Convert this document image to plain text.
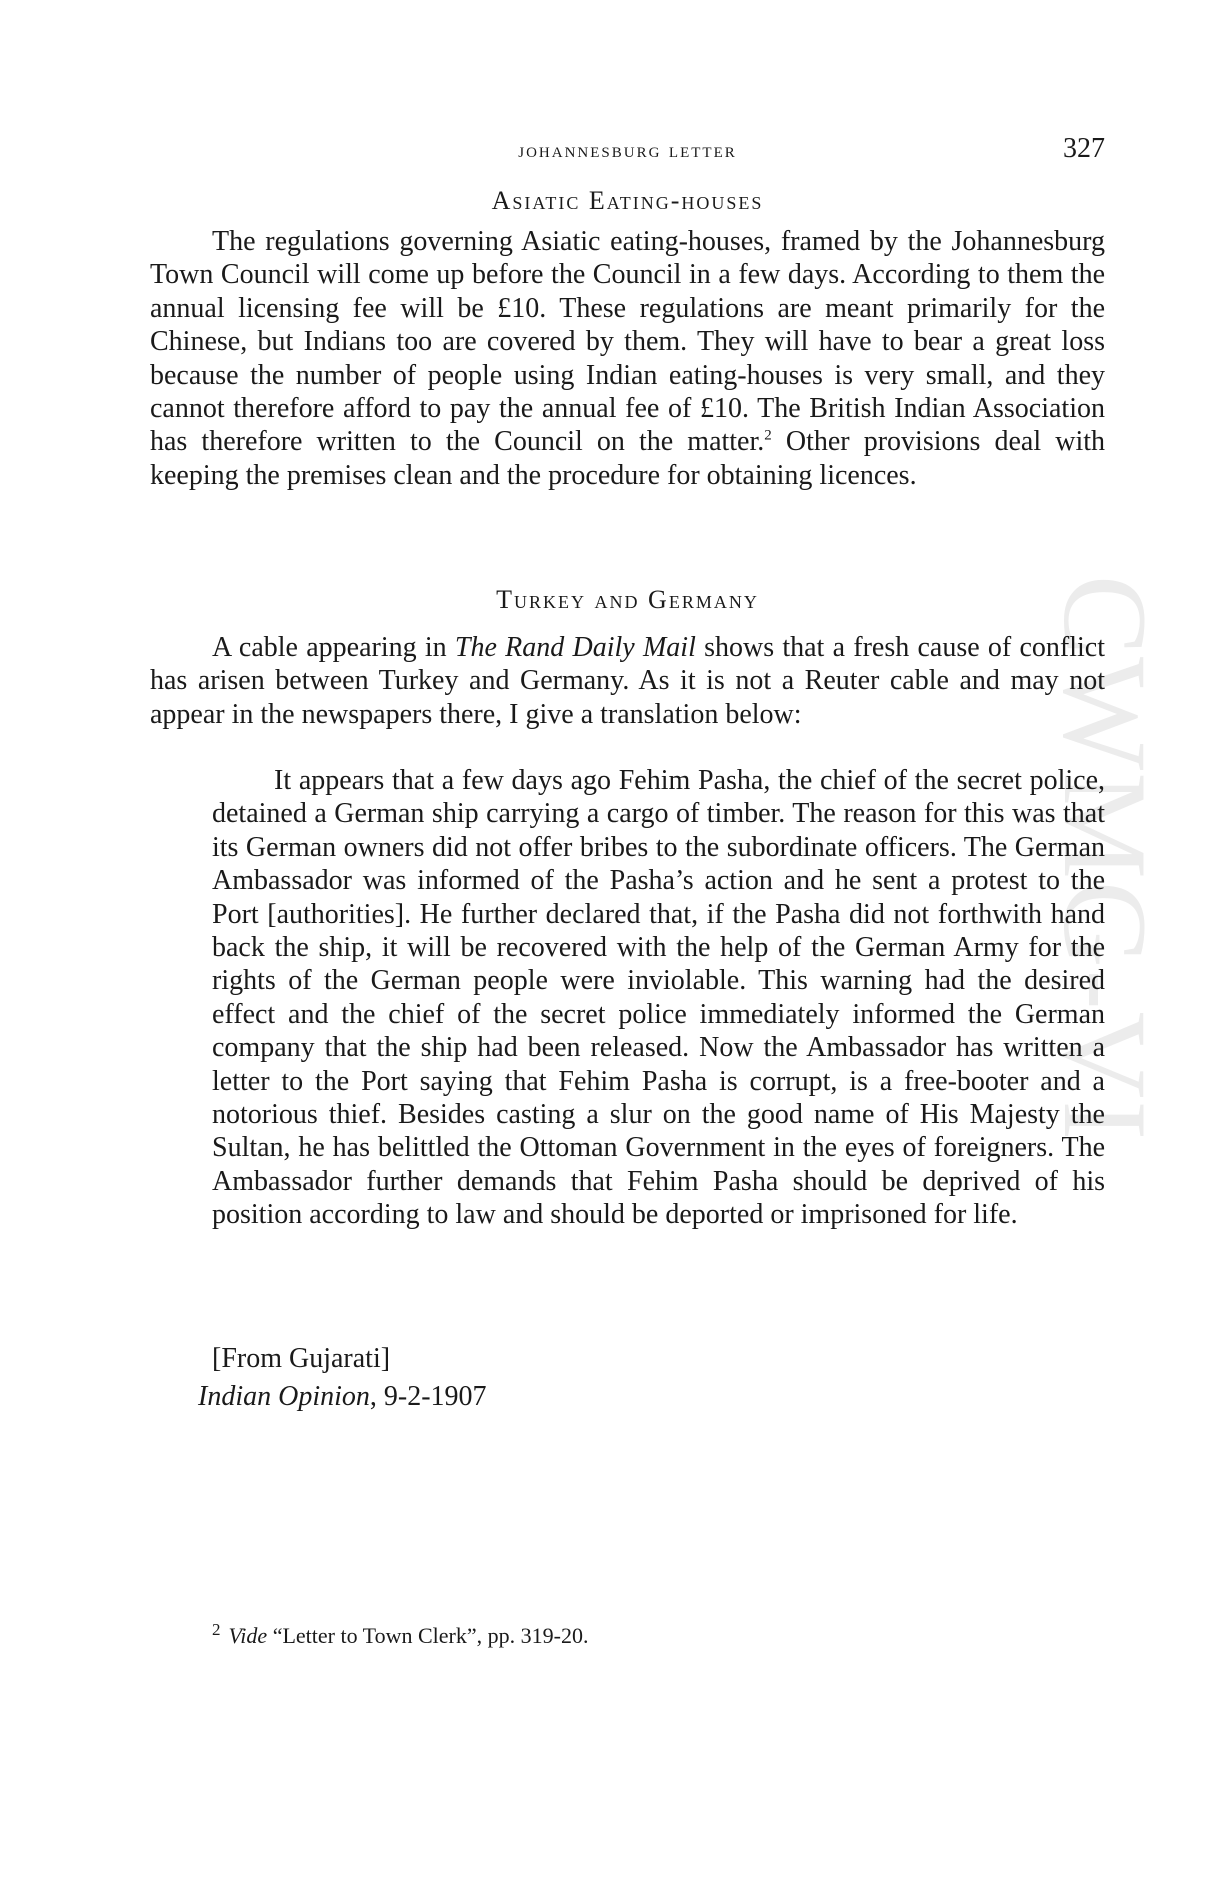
CWMG-VI
johannesburg letter	327
Asiatic Eating-houses

The regulations governing Asiatic eating-houses, framed by the Johannesburg Town Council will come up before the Council in a few days. According to them the annual licensing fee will be £10. These regulations are meant primarily for the Chinese, but Indians too are covered by them. They will have to bear a great loss because the number of people using Indian eating-houses is very small, and they cannot therefore afford to pay the annual fee of £10. The British Indian Association has therefore written to the Council on the matter.$^2$ Other provisions deal with keeping the premises clean and the procedure for obtaining licences.

Turkey and Germany

A cable appearing in The Rand Daily Mail shows that a fresh cause of conflict has arisen between Turkey and Germany. As it is not a Reuter cable and may not appear in the newspapers there, I give a translation below:

It appears that a few days ago Fehim Pasha, the chief of the secret police, detained a German ship carrying a cargo of timber. The reason for this was that its German owners did not offer bribes to the subordinate officers. The German Ambassador was informed of the Pasha’s action and he sent a protest to the Port [authorities]. He further declared that, if the Pasha did not forthwith hand back the ship, it will be recovered with the help of the German Army for the rights of the German people were inviolable. This warning had the desired effect and the chief of the secret police immediately informed the German company that the ship had been released. Now the Ambassador has written a letter to the Port saying that Fehim Pasha is corrupt, is a free-booter and a notorious thief. Besides casting a slur on the good name of His Majesty the Sultan, he has belittled the Ottoman Government in the eyes of foreigners. The Ambassador further demands that Fehim Pasha should be deprived of his position according to law and should be deported or imprisoned for life.

[From Gujarati]
Indian Opinion, 9-2-1907
$^2$ Vide “Letter to Town Clerk”, pp. 319-20.
